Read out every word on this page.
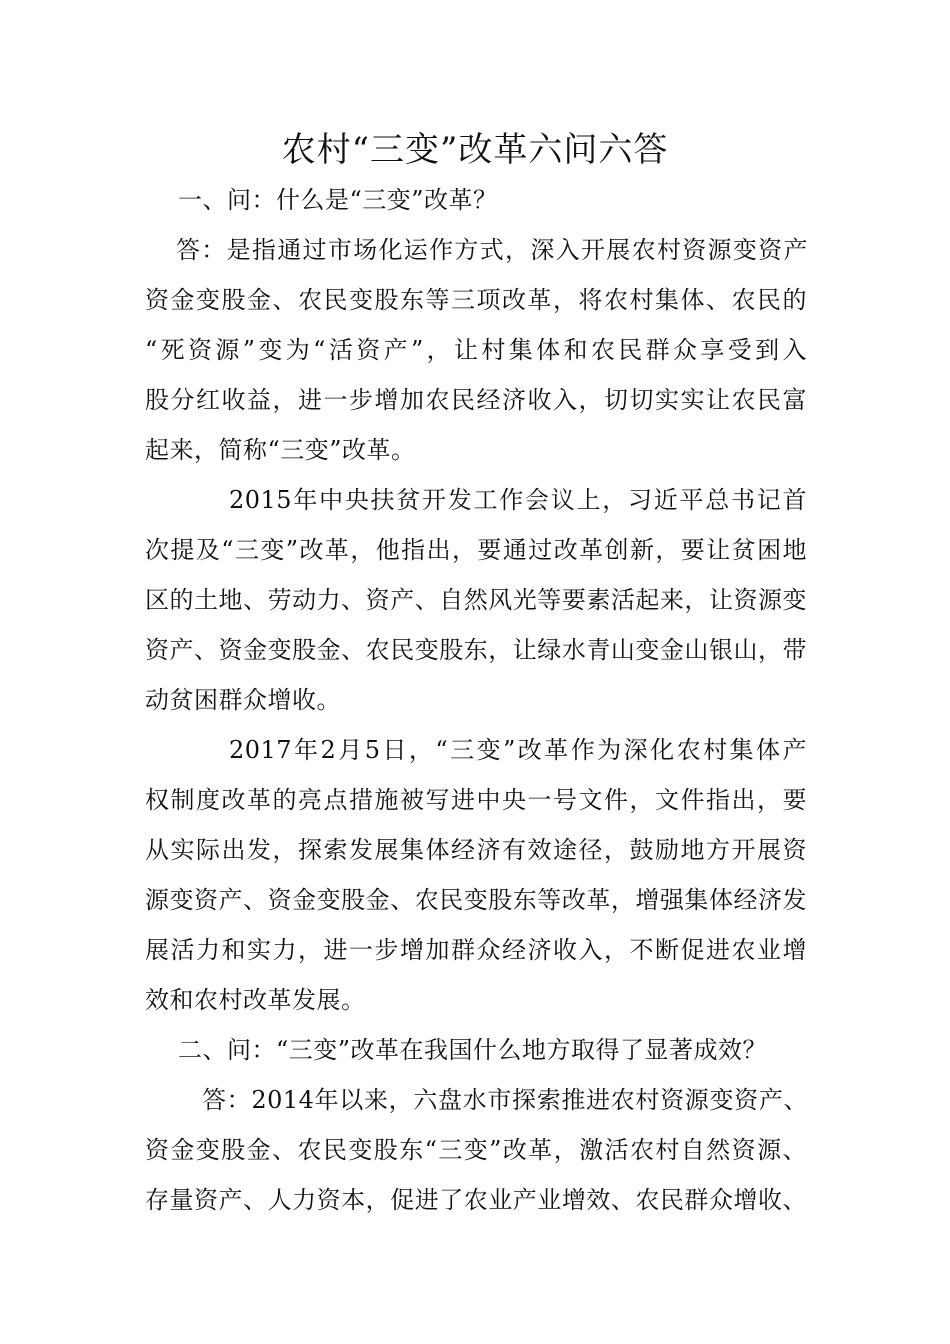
农村“三变”改革六问六答
一、问：什么是“三变”改革？
答：是指通过市场化运作方式，深入开展农村资源变资产
资金变股金、农民变股东等三项改革，将农村集体、农民的
“死资源”变为“活资产”，让村集体和农民群众享受到入
股分红收益，进一步增加农民经济收入，切切实实让农民富
起来，简称“三变”改革。
2015年中央扶贫开发工作会议上，习近平总书记首
次提及“三变”改革，他指出，要通过改革创新，要让贫困地
区的土地、劳动力、资产、自然风光等要素活起来，让资源变
资产、资金变股金、农民变股东，让绿水青山变金山银山，带
动贫困群众增收。
2017年2月5日，“三变”改革作为深化农村集体产
权制度改革的亮点措施被写进中央一号文件，文件指出，要
从实际出发，探索发展集体经济有效途径，鼓励地方开展资
源变资产、资金变股金、农民变股东等改革，增强集体经济发
展活力和实力，进一步增加群众经济收入，不断促进农业增
效和农村改革发展。
二、问：“三变”改革在我国什么地方取得了显著成效？
答：2014年以来，六盘水市探索推进农村资源变资产、
资金变股金、农民变股东“三变”改革，激活农村自然资源、
存量资产、人力资本，促进了农业产业增效、农民群众增收、
